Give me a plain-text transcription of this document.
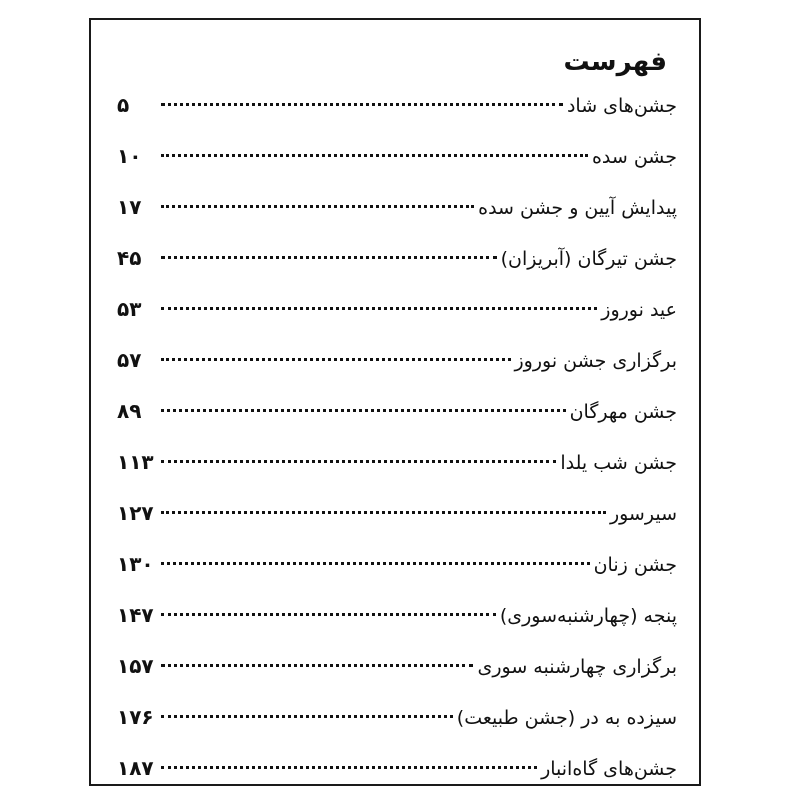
فهرست
جشن‌های شاد
۵
جشن سده
۱۰
پیدایش آیین و جشن سده
۱۷
جشن تیرگان (آبریزان)
۴۵
عید نوروز
۵۳
برگزاری جشن نوروز
۵۷
جشن مهرگان
۸۹
جشن شب یلدا
۱۱۳
سیرسور
۱۲۷
جشن زنان
۱۳۰
پنجه (چهارشنبه‌سوری)
۱۴۷
برگزاری چهارشنبه سوری
۱۵۷
سیزده به در (جشن طبیعت)
۱۷۶
جشن‌های گاه‌انبار
۱۸۷
